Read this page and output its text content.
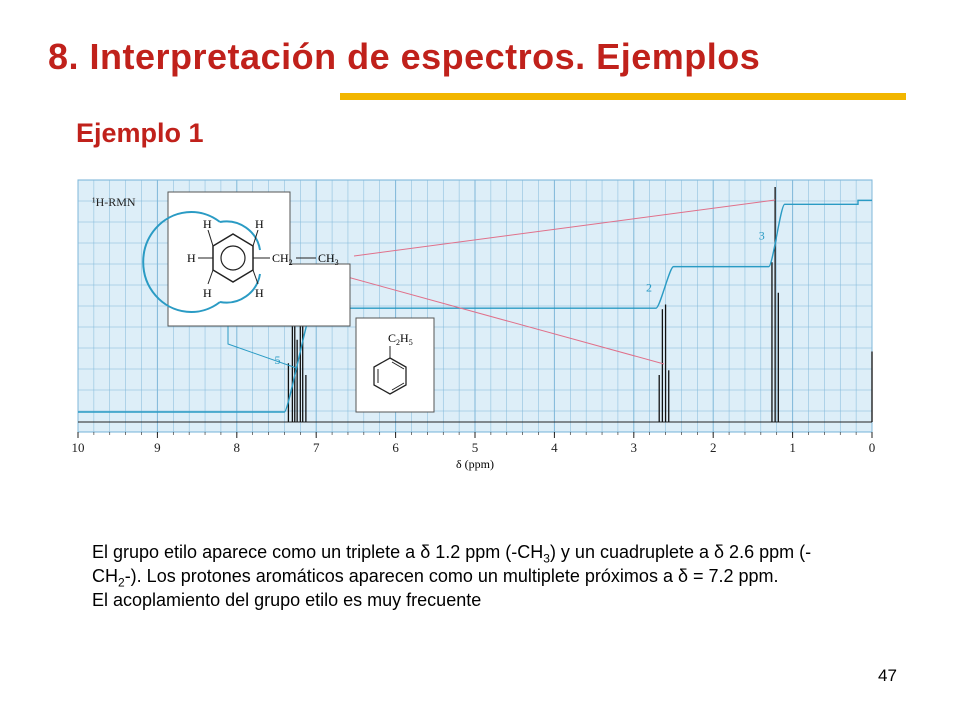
8. Interpretación de espectros. Ejemplos
Ejemplo 1
5
2
3
¹H-RMN
H	H
H
H	H
$CH_2$ $CH_3$
$C_2H_5$
10	9	8	7	6	5	4	3	2	1	0
δ (ppm)

El grupo etilo aparece como un triplete a δ 1.2 ppm $(-CH_3)$ y un cuadruplete a δ 2.6 ppm $(-CH_2-)$. Los protones aromáticos aparecen como un multiplete próximos a δ = 7.2 ppm.

El acoplamiento del grupo etilo es muy frecuente

47
